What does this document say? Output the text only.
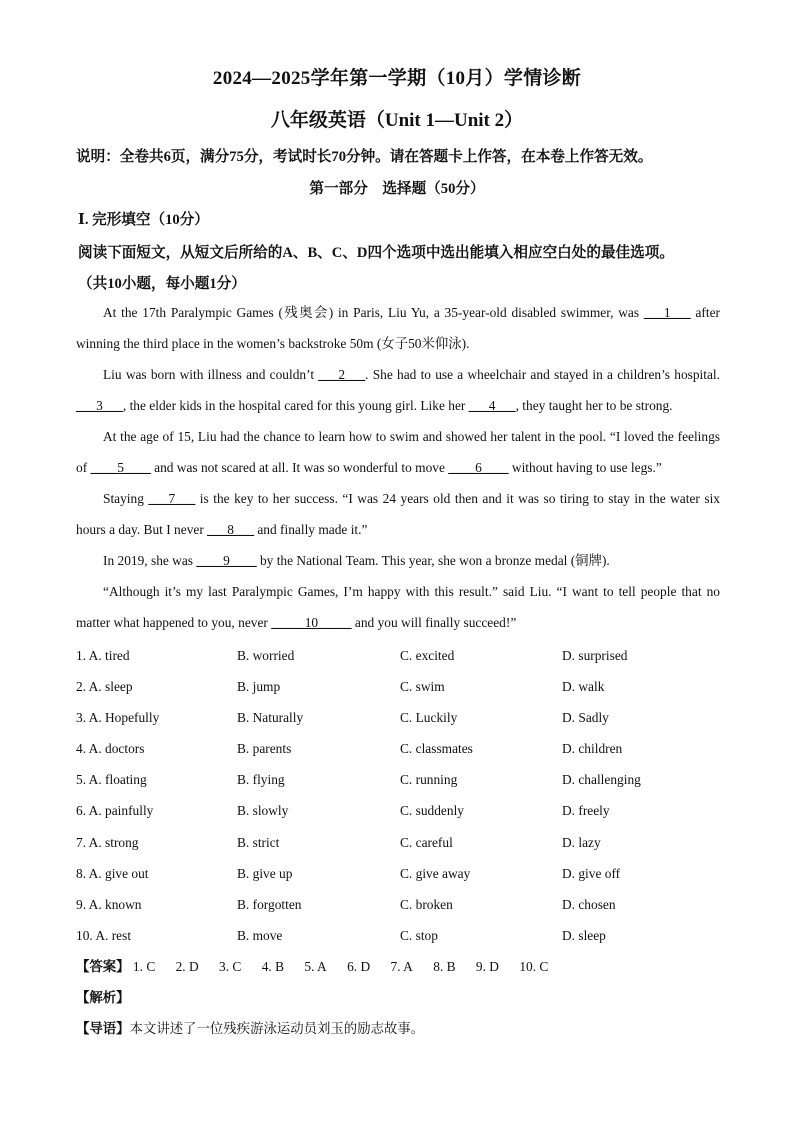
2024—2025学年第一学期（10月）学情诊断
八年级英语（Unit 1—Unit 2）
说明：全卷共6页，满分75分，考试时长70分钟。请在答题卡上作答，在本卷上作答无效。
第一部分　选择题（50分）
Ⅰ. 完形填空（10分）
阅读下面短文，从短文后所给的A、B、C、D四个选项中选出能填入相应空白处的最佳选项。
（共10小题，每小题1分）

At the 17th Paralympic Games (残奥会) in Paris, Liu Yu, a 35-year-old disabled swimmer, was ___1___ after winning the third place in the women’s backstroke 50m (女子50米仰泳).

Liu was born with illness and couldn’t ___2___. She had to use a wheelchair and stayed in a children’s hospital. ___3___, the elder kids in the hospital cared for this young girl. Like her ___4___, they taught her to be strong.

At the age of 15, Liu had the chance to learn how to swim and showed her talent in the pool. “I loved the feelings of ____5____ and was not scared at all. It was so wonderful to move ____6____ without having to use legs.”

Staying ___7___ is the key to her success. “I was 24 years old then and it was so tiring to stay in the water six hours a day. But I never ___8___ and finally made it.”

In 2019, she was ____9____ by the National Team. This year, she won a bronze medal (铜牌).

“Although it’s my last Paralympic Games, I’m happy with this result.” said Liu. “I want to tell people that no matter what happened to you, never _____10_____ and you will finally succeed!”

1. A. tired	B. worried	C. excited	D. surprised
2. A. sleep	B. jump	C. swim	D. walk
3. A. Hopefully	B. Naturally	C. Luckily	D. Sadly
4. A. doctors	B. parents	C. classmates	D. children
5. A. floating	B. flying	C. running	D. challenging
6. A. painfully	B. slowly	C. suddenly	D. freely
7. A. strong	B. strict	C. careful	D. lazy
8. A. give out	B. give up	C. give away	D. give off
9. A. known	B. forgotten	C. broken	D. chosen
10. A. rest	B. move	C. stop	D. sleep
【答案】 1. C 2. D 3. C 4. B 5. A 6. D 7. A 8. B 9. D 10. C
【解析】
【导语】本文讲述了一位残疾游泳运动员刘玉的励志故事。
